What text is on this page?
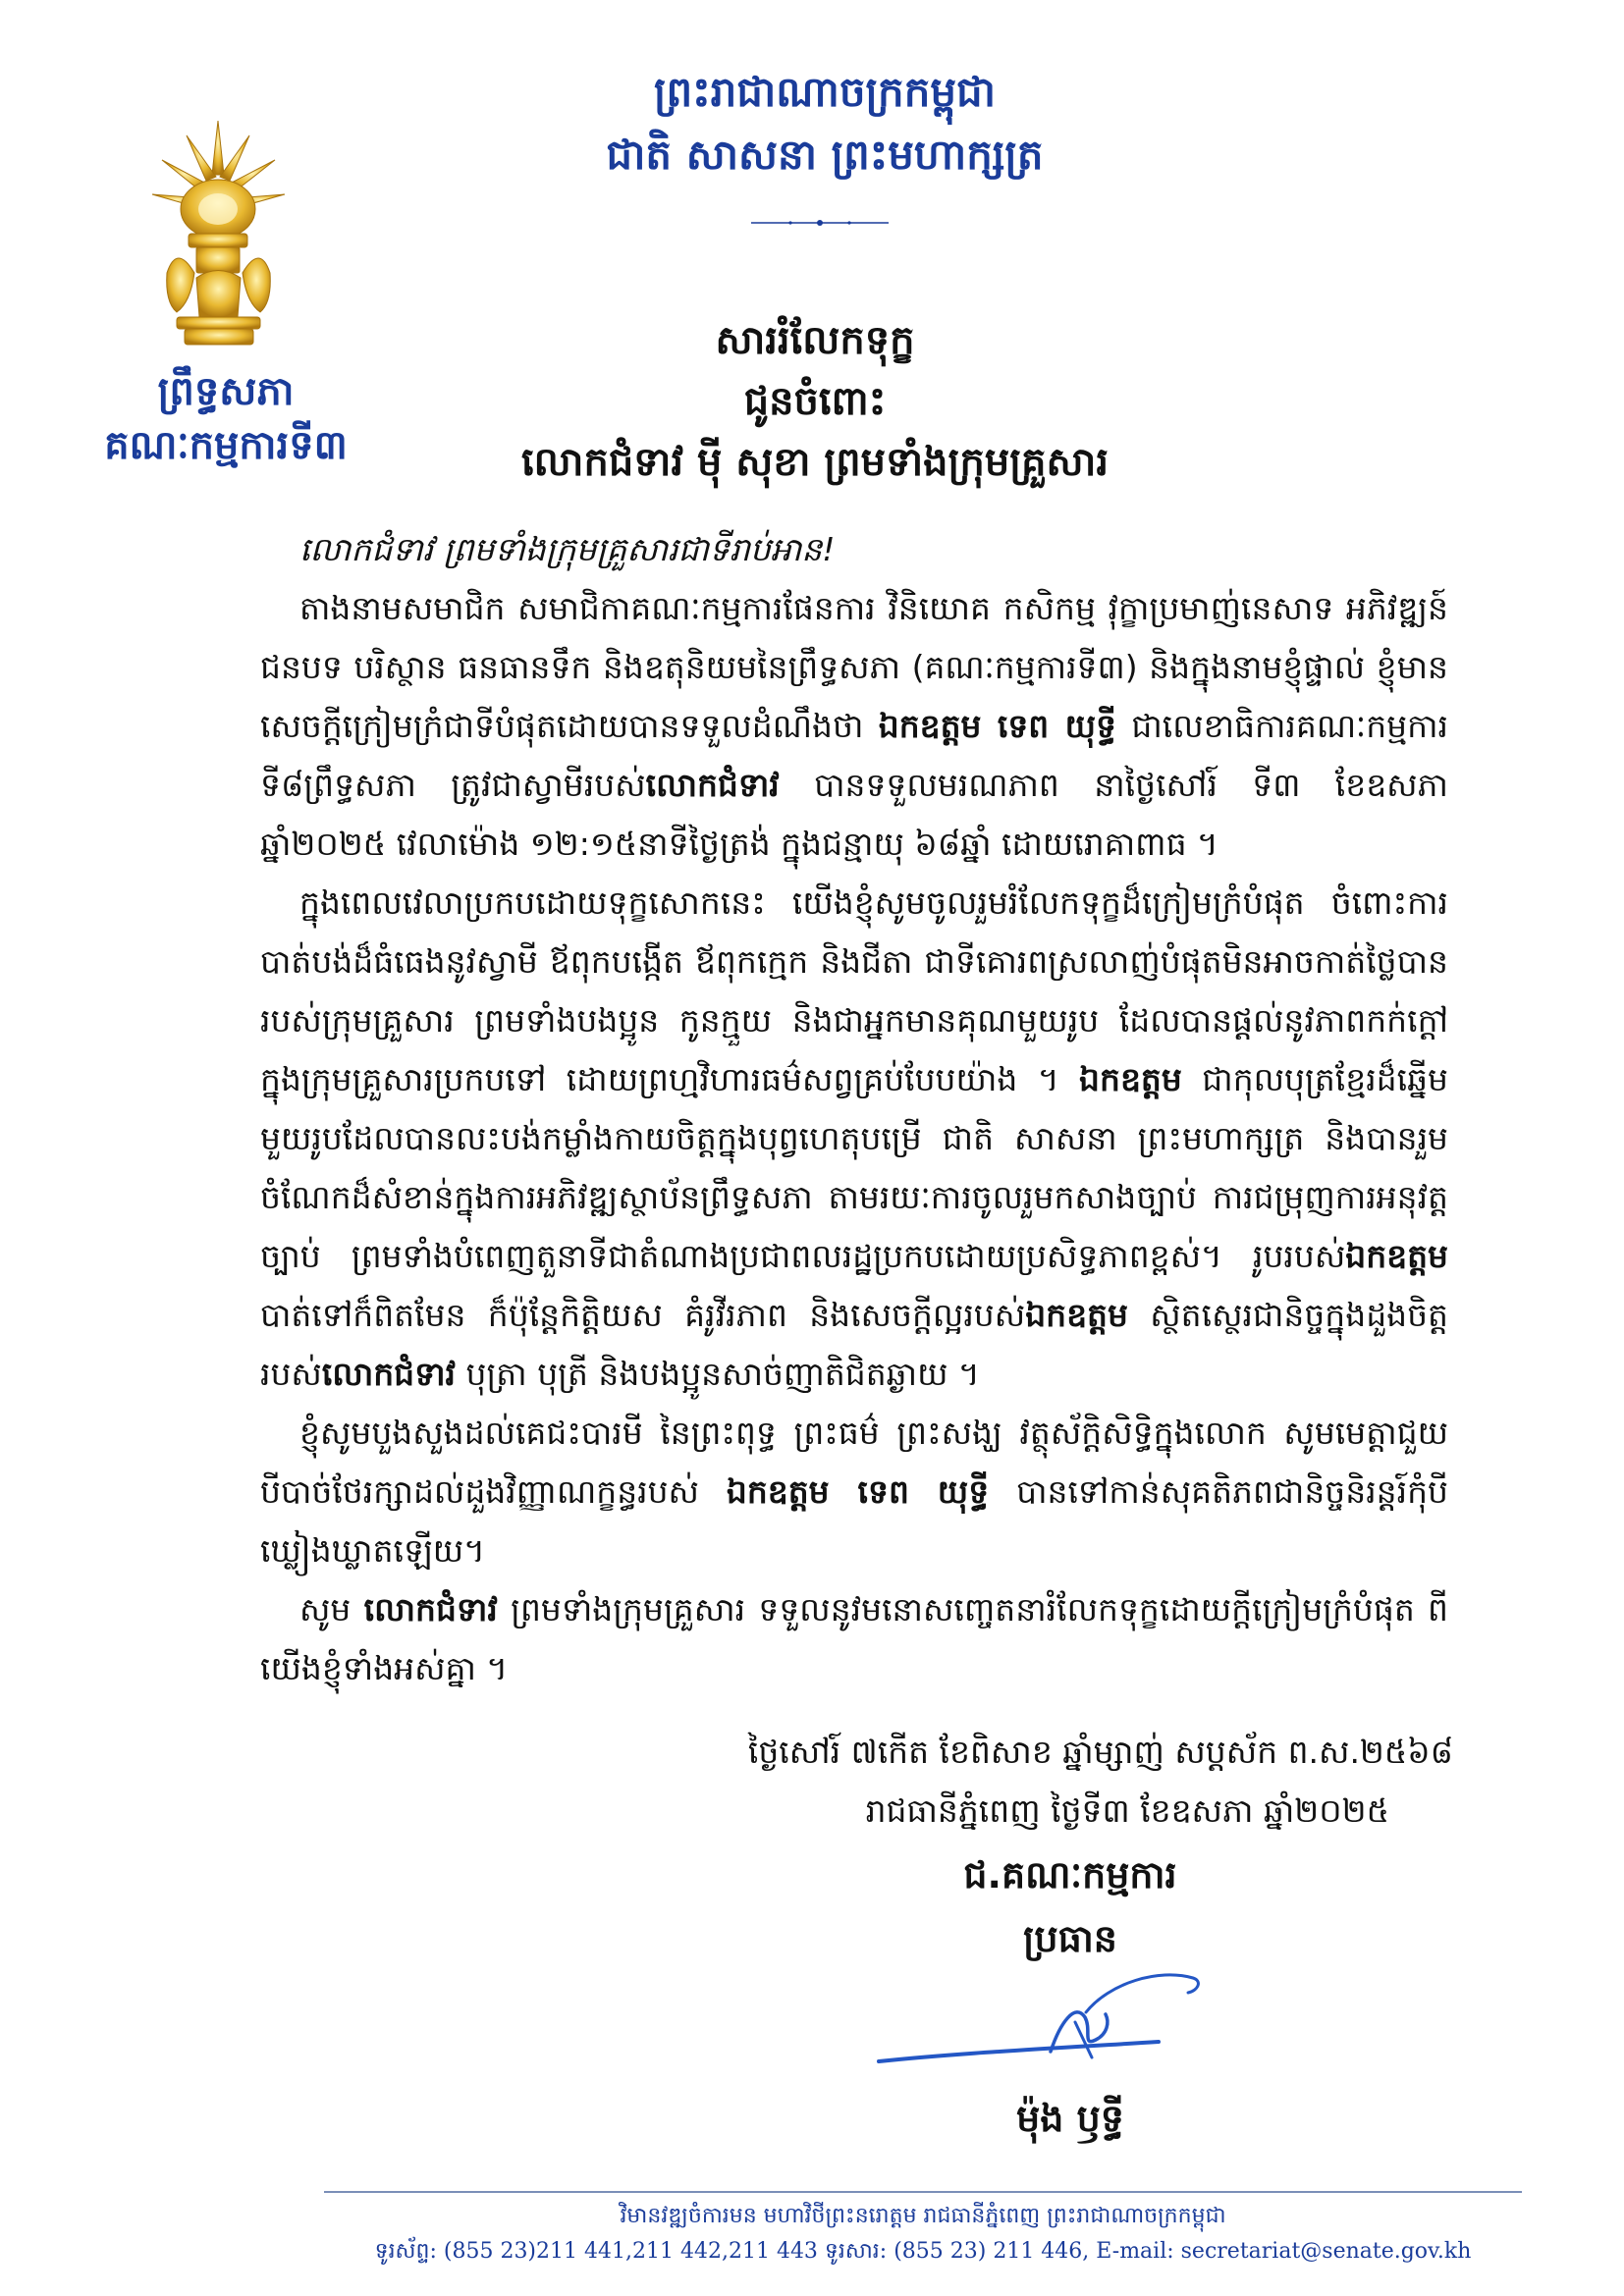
ព្រះរាជាណាចក្រកម្ពុជា
ជាតិ សាសនា ព្រះមហាក្សត្រ
ព្រឹទ្ធសភា
គណៈកម្មការទី៣
សាររំលែកទុក្ខ
ជូនចំពោះ
លោកជំទាវ ម៉ី សុខា ព្រមទាំងក្រុមគ្រួសារ

លោកជំទាវ ព្រមទាំងក្រុមគ្រួសារជាទីរាប់អាន!

តាងនាមសមាជិក សមាជិកាគណៈកម្មការផែនការ វិនិយោគ កសិកម្ម វុក្ខាប្រមាញ់នេសាទ អភិវឌ្ឍន៍ជនបទ បរិស្ថាន ធនធានទឹក និងឧតុនិយមនៃព្រឹទ្ធសភា (គណៈកម្មការទី៣) និងក្នុងនាមខ្ញុំផ្ទាល់ ខ្ញុំមានសេចក្តីក្រៀមក្រំជាទីបំផុតដោយបានទទួលដំណឹងថា ឯកឧត្តម ទេព យុទ្ធី ជាលេខាធិការគណៈកម្មការទី៨ព្រឹទ្ធសភា ត្រូវជាស្វាមីរបស់លោកជំទាវ បានទទួលមរណភាព នាថ្ងៃសៅរ៍ ទី៣ ខែឧសភា ឆ្នាំ២០២៥ វេលាម៉ោង ១២:១៥នាទីថ្ងៃត្រង់ ក្នុងជន្មាយុ ៦៨ឆ្នាំ ដោយរោគាពាធ ។

ក្នុងពេលវេលាប្រកបដោយទុក្ខសោកនេះ យើងខ្ញុំសូមចូលរួមរំលែកទុក្ខដ៏ក្រៀមក្រំបំផុត ចំពោះការបាត់បង់ដ៏ធំធេងនូវស្វាមី ឪពុកបង្កើត ឪពុកក្មេក និងជីតា ជាទីគោរពស្រលាញ់បំផុតមិនអាចកាត់ថ្លៃបានរបស់ក្រុមគ្រួសារ ព្រមទាំងបងប្អូន កូនក្មួយ និងជាអ្នកមានគុណមួយរូប ដែលបានផ្តល់នូវភាពកក់ក្តៅក្នុងក្រុមគ្រួសារប្រកបទៅ ដោយព្រហ្មវិហារធម៌សព្វគ្រប់បែបយ៉ាង ។ ឯកឧត្តម ជាកុលបុត្រខ្មែរដ៏ឆ្នើមមួយរូបដែលបានលះបង់កម្លាំងកាយចិត្តក្នុងបុព្វហេតុបម្រើ ជាតិ សាសនា ព្រះមហាក្សត្រ និងបានរួមចំណែកដ៏សំខាន់ក្នុងការអភិវឌ្ឍស្ថាប័នព្រឹទ្ធសភា តាមរយៈការចូលរួមកសាងច្បាប់ ការជម្រុញការអនុវត្តច្បាប់ ព្រមទាំងបំពេញតួនាទីជាតំណាងប្រជាពលរដ្ឋប្រកបដោយប្រសិទ្ធភាពខ្ពស់។ រូបរបស់ឯកឧត្តម បាត់ទៅក៏ពិតមែន ក៏ប៉ុន្តែកិត្តិយស គំរូវីរភាព និងសេចក្តីល្អរបស់ឯកឧត្តម ស្ថិតស្ថេរជានិច្ចក្នុងដួងចិត្តរបស់លោកជំទាវ បុត្រា បុត្រី និងបងប្អូនសាច់ញាតិជិតឆ្ងាយ ។

ខ្ញុំសូមបួងសួងដល់គេជះបារមី នៃព្រះពុទ្ធ ព្រះធម៌ ព្រះសង្ឃ វត្ថុស័ក្តិសិទ្ធិក្នុងលោក សូមមេត្តាជួយបីបាច់ថែរក្សាដល់ដួងវិញ្ញាណក្ខន្ធរបស់ ឯកឧត្តម ទេព យុទ្ធី បានទៅកាន់សុគតិភពជានិច្ចនិរន្តរ៍កុំបីឃ្លៀងឃ្លាតឡើយ។

សូម លោកជំទាវ ព្រមទាំងក្រុមគ្រួសារ ទទួលនូវមនោសញ្ចេតនារំលែកទុក្ខដោយក្តីក្រៀមក្រំបំផុត ពីយើងខ្ញុំទាំងអស់គ្នា ។

ថ្ងៃសៅរ៍ ៧កើត ខែពិសាខ ឆ្នាំម្សាញ់ សប្តស័ក ព.ស.២៥៦៨
រាជធានីភ្នំពេញ ថ្ងៃទី៣ ខែឧសភា ឆ្នាំ២០២៥
ជ.គណៈកម្មការ
ប្រធាន
ម៉ុង ឫទ្ធី
វិមានវឌ្ឍចំការមន មហាវិថីព្រះនរោត្តម រាជធានីភ្នំពេញ ព្រះរាជាណាចក្រកម្ពុជា
ទូរស័ព្ទ: (855 23)211 441,211 442,211 443 ទូរសារ: (855 23) 211 446, E-mail: secretariat@senate.gov.kh
